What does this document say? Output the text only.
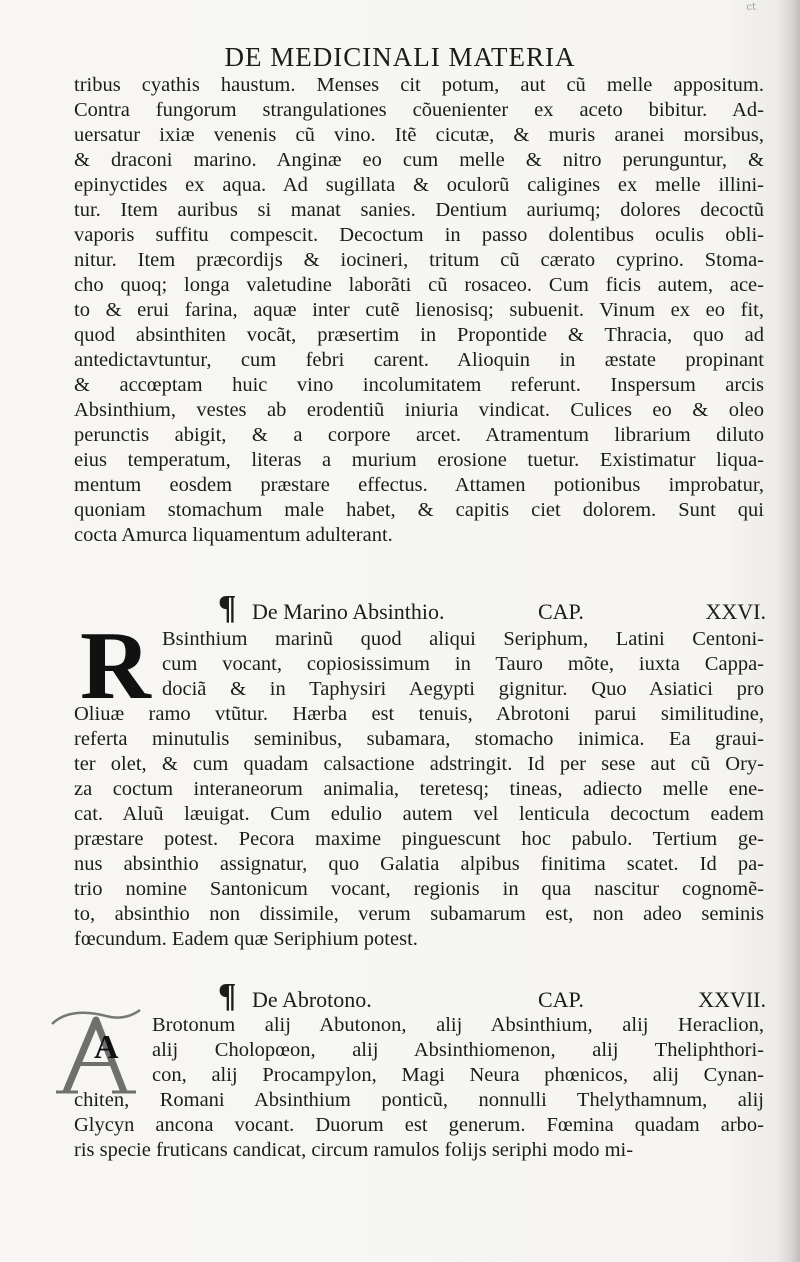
ct
DE MEDICINALI MATERIA
tribus cyathis haustum. Menses cit potum, aut cũ melle appositum.
Contra fungorum strangulationes cõuenienter ex aceto bibitur. Ad-
uersatur ixiæ venenis cũ vino. Itẽ cicutæ, & muris aranei morsibus,
& draconi marino. Anginæ eo cum melle & nitro perunguntur, &
epinyctides ex aqua. Ad sugillata & oculorũ caligines ex melle illini-
tur. Item auribus si manat sanies. Dentium auriumq; dolores decoctũ
vaporis suffitu compescit. Decoctum in passo dolentibus oculis obli-
nitur. Item præcordijs & iocineri, tritum cũ cærato cyprino. Stoma-
cho quoq; longa valetudine laborãti cũ rosaceo. Cum ficis autem, ace-
to & erui farina, aquæ inter cutẽ lienosisq; subuenit. Vinum ex eo fit,
quod absinthiten vocãt, præsertim in Propontide & Thracia, quo ad
antedictavtuntur, cum febri carent. Alioquin in æstate propinant
& accœptam huic vino incolumitatem referunt. Inspersum arcis
Absinthium, vestes ab erodentiũ iniuria vindicat. Culices eo & oleo
perunctis abigit, & a corpore arcet. Atramentum librarium diluto
eius temperatum, literas a murium erosione tuetur. Existimatur liqua-
mentum eosdem præstare effectus. Attamen potionibus improbatur,
quoniam stomachum male habet, & capitis ciet dolorem. Sunt qui
cocta Amurca liquamentum adulterant.
¶ De Marino Absinthio.	CAP.	XXVI.
R Bsinthium marinũ quod aliqui Seriphum, Latini Centoni-
cum vocant, copiosissimum in Tauro mõte, iuxta Cappa-
dociã & in Taphysiri Aegypti gignitur. Quo Asiatici pro
Oliuæ ramo vtũtur. Hærba est tenuis, Abrotoni parui similitudine,
referta minutulis seminibus, subamara, stomacho inimica. Ea graui-
ter olet, & cum quadam calsactione adstringit. Id per sese aut cũ Ory-
za coctum interaneorum animalia, teretesq; tineas, adiecto melle ene-
cat. Aluũ læuigat. Cum edulio autem vel lenticula decoctum eadem
præstare potest. Pecora maxime pinguescunt hoc pabulo. Tertium ge-
nus absinthio assignatur, quo Galatia alpibus finitima scatet. Id pa-
trio nomine Santonicum vocant, regionis in qua nascitur cognomẽ-
to, absinthio non dissimile, verum subamarum est, non adeo seminis
fœcundum. Eadem quæ Seriphium potest.
¶ De Abrotono.	CAP.	XXVII.
A
Brotonum alij Abutonon, alij Absinthium, alij Heraclion,
alij Cholopœon, alij Absinthiomenon, alij Theliphthori-
con, alij Procampylon, Magi Neura phœnicos, alij Cynan-
chiten, Romani Absinthium ponticũ, nonnulli Thelythamnum, alij
Glycyn ancona vocant. Duorum est generum. Fœmina quadam arbo-
ris specie fruticans candicat, circum ramulos folijs seriphi modo mi-
